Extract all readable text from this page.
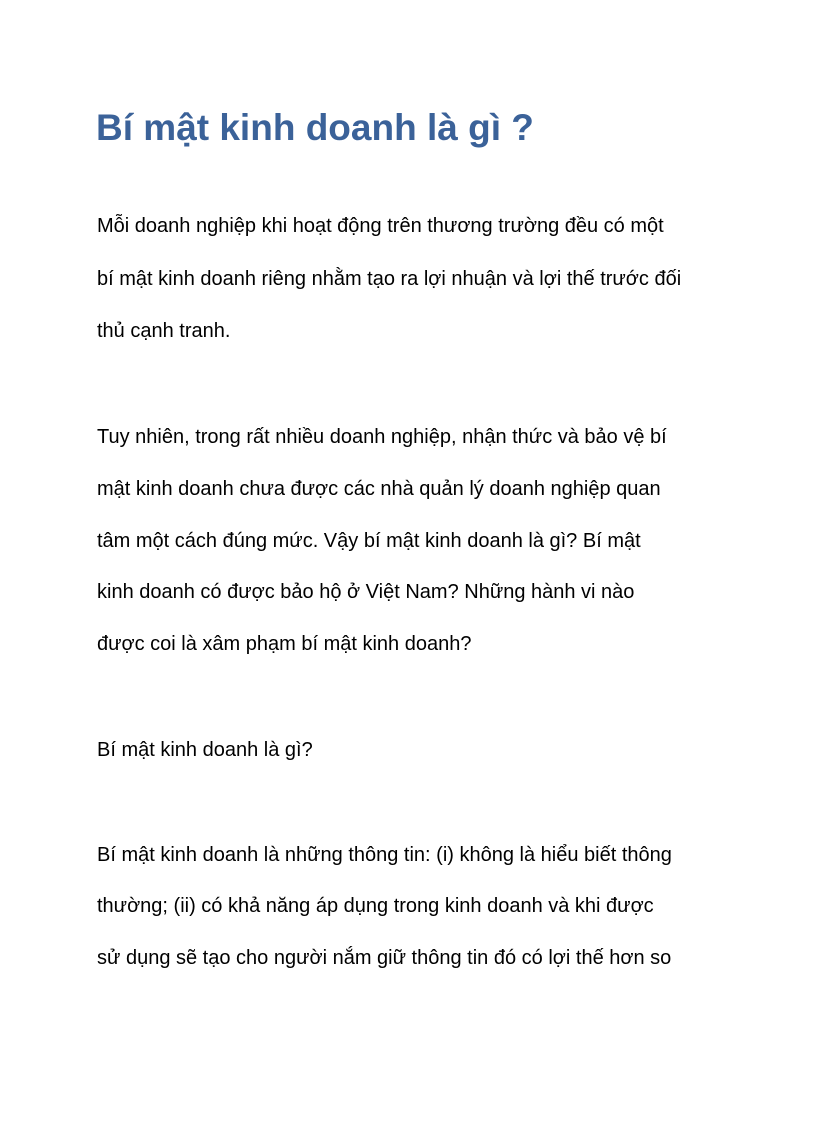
Bí mật kinh doanh là gì ?

Mỗi doanh nghiệp khi hoạt động trên thương trường đều có một

bí mật kinh doanh riêng nhằm tạo ra lợi nhuận và lợi thế trước đối

thủ cạnh tranh.

Tuy nhiên, trong rất nhiều doanh nghiệp, nhận thức và bảo vệ bí

mật kinh doanh chưa được các nhà quản lý doanh nghiệp quan

tâm một cách đúng mức. Vậy bí mật kinh doanh là gì? Bí mật

kinh doanh có được bảo hộ ở Việt Nam? Những hành vi nào

được coi là xâm phạm bí mật kinh doanh?

Bí mật kinh doanh là gì?

Bí mật kinh doanh là những thông tin: (i) không là hiểu biết thông

thường; (ii) có khả năng áp dụng trong kinh doanh và khi được

sử dụng sẽ tạo cho người nắm giữ thông tin đó có lợi thế hơn so
